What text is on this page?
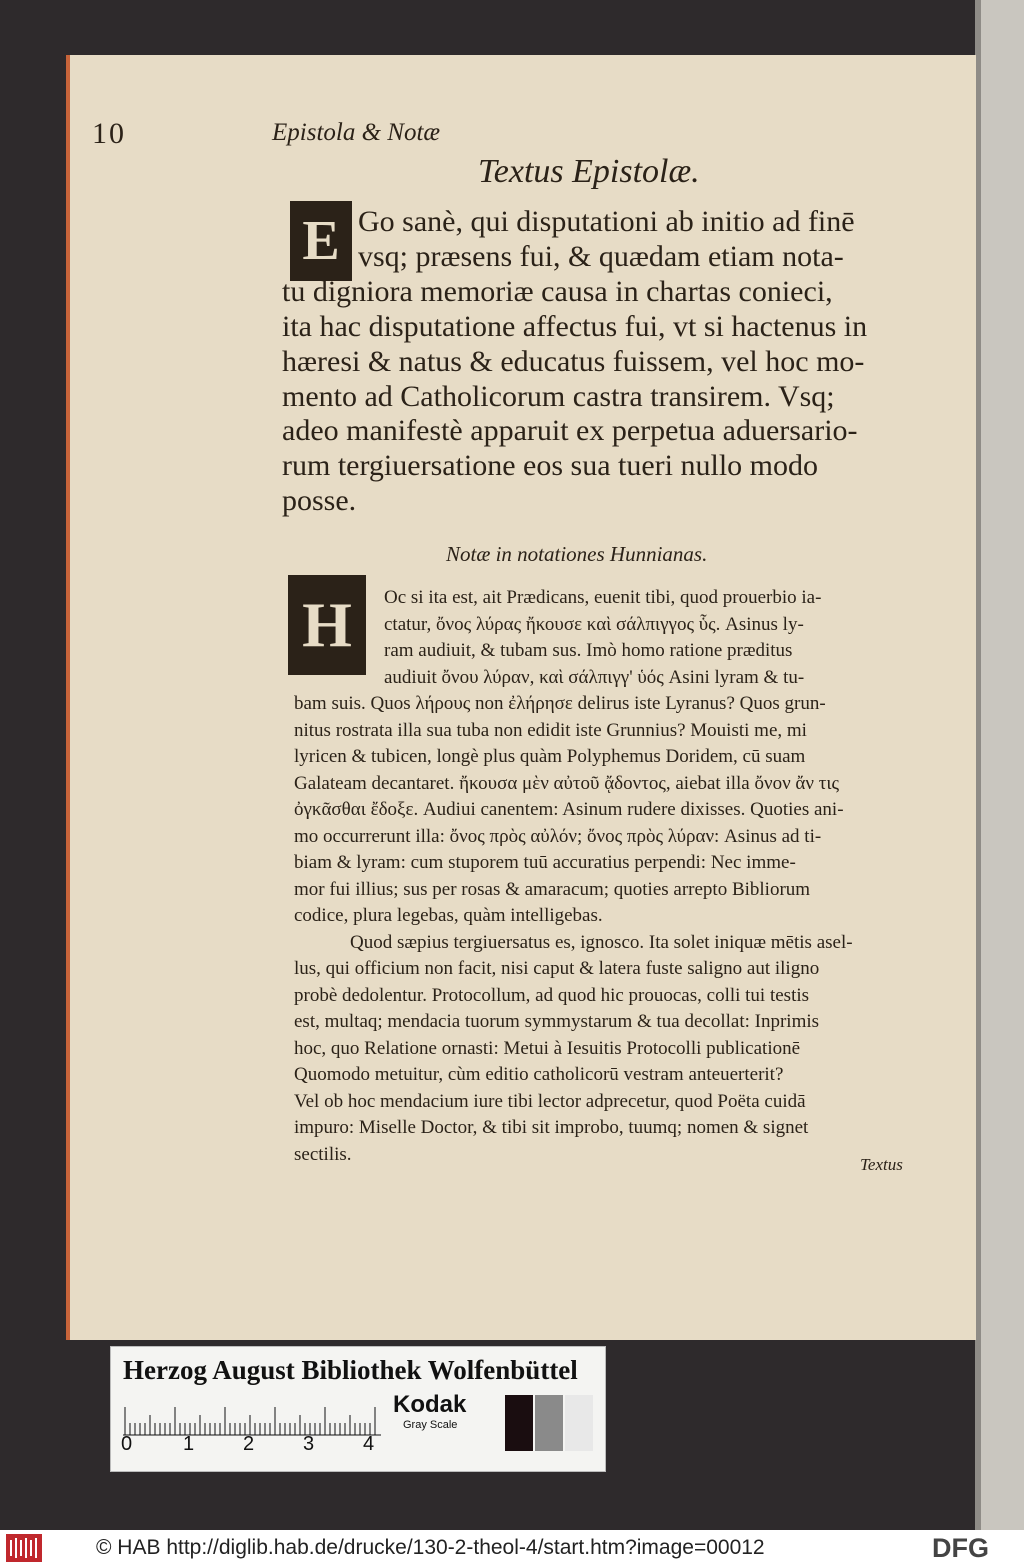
10	Epistola & Notæ
Textus Epistolæ.
E Go sanè, qui disputationi ab initio ad finē
vsq; præsens fui, & quædam etiam nota-
tu digniora memoriæ causa in chartas conieci,
ita hac disputatione affectus fui, vt si hactenus in
hæresi & natus & educatus fuissem, vel hoc mo-
mento ad Catholicorum castra transirem. Vsq;
adeo manifestè apparuit ex perpetua aduersario-
rum tergiuersatione eos sua tueri nullo modo
posse.
Notæ in notationes Hunnianas.
H	Oc si ita est, ait Prædicans, euenit tibi, quod prouerbio ia-
ctatur, ὄνος λύρας ἤκουσε καὶ σάλπιγγος ὗς. Asinus ly-
ram audiuit, & tubam sus. Imò homo ratione præditus
audiuit ὄνου λύραν, καὶ σάλπιγγ' ὑός Asini lyram & tu-
bam suis. Quos λήρους non ἐλήρησε delirus iste Lyranus? Quos grun-
nitus rostrata illa sua tuba non edidit iste Grunnius? Mouisti me, mi
lyricen & tubicen, longè plus quàm Polyphemus Doridem, cū suam
Galateam decantaret. ἤκουσα μὲν αὐτοῦ ᾄδοντος, aiebat illa ὄνον ἄν τις
ὀγκᾶσθαι ἔδοξε. Audiui canentem: Asinum rudere dixisses. Quoties ani-
mo occurrerunt illa: ὄνος πρὸς αὐλόν; ὄνος πρὸς λύραν: Asinus ad ti-
biam & lyram: cum stuporem tuū accuratius perpendi: Nec imme-
mor fui illius; sus per rosas & amaracum; quoties arrepto Bibliorum
codice, plura legebas, quàm intelligebas.
Quod sæpius tergiuersatus es, ignosco. Ita solet iniquæ mētis asel-
lus, qui officium non facit, nisi caput & latera fuste saligno aut iligno
probè dedolentur. Protocollum, ad quod hic prouocas, colli tui testis
est, multaq; mendacia tuorum symmystarum & tua decollat: Inprimis
hoc, quo Relatione ornasti: Metui à Iesuitis Protocolli publicationē
Quomodo metuitur, cùm editio catholicorū vestram anteuerterit?
Vel ob hoc mendacium iure tibi lector adprecetur, quod Poëta cuidā
impuro: Miselle Doctor, & tibi sit improbo, tuumq; nomen & signet
sectilis.	Textus
Herzog August Bibliothek Wolfenbüttel
0	1 2 3 4
Kodak
Gray Scale
© HAB http://diglib.hab.de/drucke/130-2-theol-4/start.htm?image=00012	DFG
